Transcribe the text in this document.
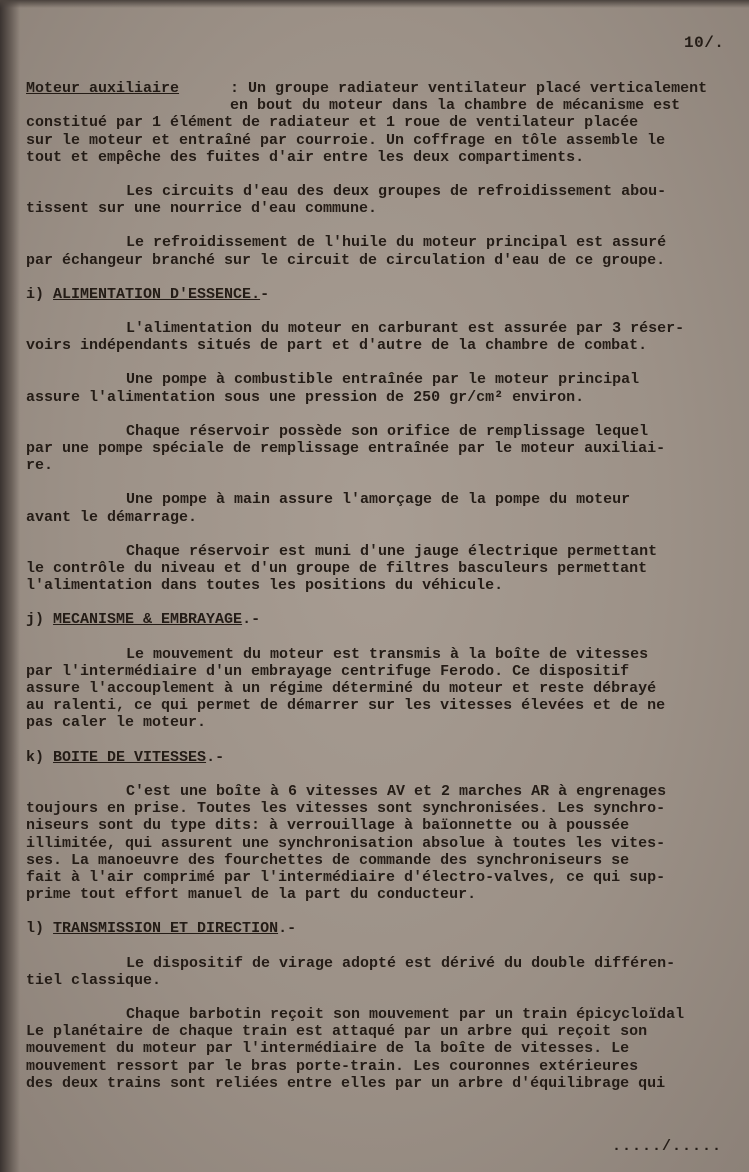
10/.
Moteur auxiliaire	: Un groupe radiateur ventilateur placé verticalement
en bout du moteur dans la chambre de mécanisme est
constitué par 1 élément de radiateur et 1 roue de ventilateur placée
sur le moteur et entraîné par courroie. Un coffrage en tôle assemble le
tout et empêche des fuites d'air entre les deux compartiments.
Les circuits d'eau des deux groupes de refroidissement abou-
tissent sur une nourrice d'eau commune.
Le refroidissement de l'huile du moteur principal est assuré
par échangeur branché sur le circuit de circulation d'eau de ce groupe.
i) ALIMENTATION D'ESSENCE.-
L'alimentation du moteur en carburant est assurée par 3 réser-
voirs indépendants situés de part et d'autre de la chambre de combat.
Une pompe à combustible entraînée par le moteur principal
assure l'alimentation sous une pression de 250 gr/cm² environ.
Chaque réservoir possède son orifice de remplissage lequel
par une pompe spéciale de remplissage entraînée par le moteur auxiliai-
re.
Une pompe à main assure l'amorçage de la pompe du moteur
avant le démarrage.
Chaque réservoir est muni d'une jauge électrique permettant
le contrôle du niveau et d'un groupe de filtres basculeurs permettant
l'alimentation dans toutes les positions du véhicule.
j) MECANISME & EMBRAYAGE.-
Le mouvement du moteur est transmis à la boîte de vitesses
par l'intermédiaire d'un embrayage centrifuge Ferodo. Ce dispositif
assure l'accouplement à un régime déterminé du moteur et reste débrayé
au ralenti, ce qui permet de démarrer sur les vitesses élevées et de ne
pas caler le moteur.
k) BOITE DE VITESSES.-
C'est une boîte à 6 vitesses AV et 2 marches AR à engrenages
toujours en prise. Toutes les vitesses sont synchronisées. Les synchro-
niseurs sont du type dits: à verrouillage à baïonnette ou à poussée
illimitée, qui assurent une synchronisation absolue à toutes les vites-
ses. La manoeuvre des fourchettes de commande des synchroniseurs se
fait à l'air comprimé par l'intermédiaire d'électro-valves, ce qui sup-
prime tout effort manuel de la part du conducteur.
l) TRANSMISSION ET DIRECTION.-
Le dispositif de virage adopté est dérivé du double différen-
tiel classique.
Chaque barbotin reçoit son mouvement par un train épicycloïdal
Le planétaire de chaque train est attaqué par un arbre qui reçoit son
mouvement du moteur par l'intermédiaire de la boîte de vitesses. Le
mouvement ressort par le bras porte-train. Les couronnes extérieures
des deux trains sont reliées entre elles par un arbre d'équilibrage qui
...../.....
